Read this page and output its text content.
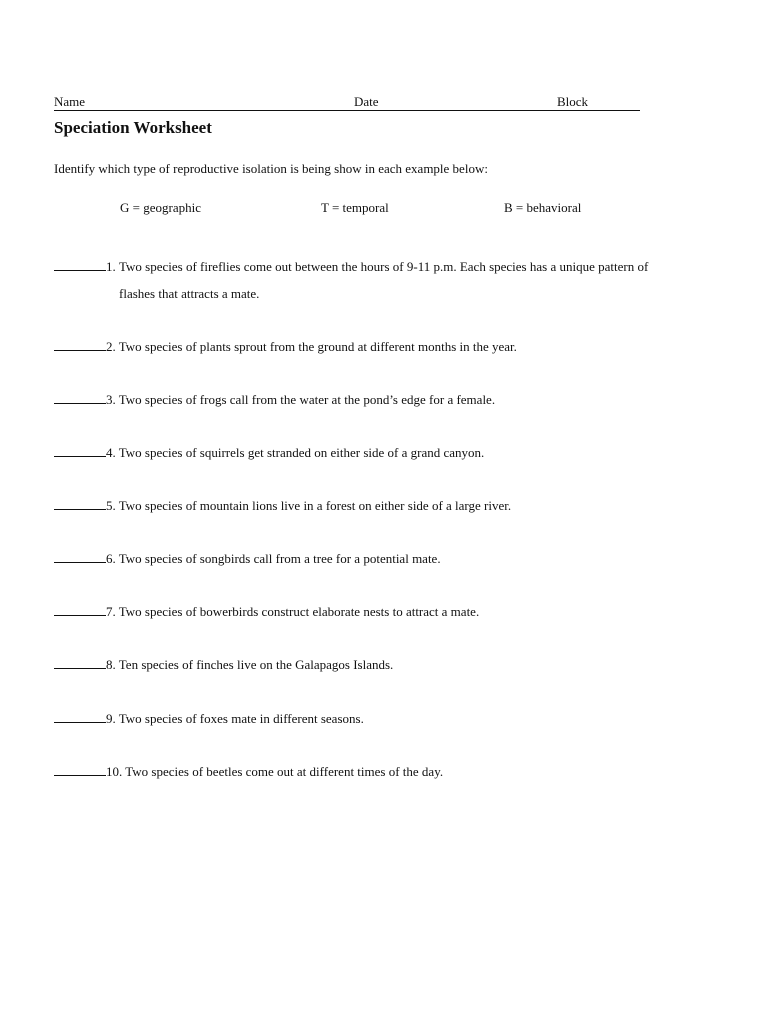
Name	Date	Block
Speciation Worksheet
Identify which type of reproductive isolation is being show in each example below:
G = geographic	T = temporal	B = behavioral
1. Two species of fireflies come out between the hours of 9-11 p.m. Each species has a unique pattern of flashes that attracts a mate.
2. Two species of plants sprout from the ground at different months in the year.
3. Two species of frogs call from the water at the pond’s edge for a female.
4. Two species of squirrels get stranded on either side of a grand canyon.
5. Two species of mountain lions live in a forest on either side of a large river.
6. Two species of songbirds call from a tree for a potential mate.
7. Two species of bowerbirds construct elaborate nests to attract a mate.
8. Ten species of finches live on the Galapagos Islands.
9. Two species of foxes mate in different seasons.
10. Two species of beetles come out at different times of the day.
